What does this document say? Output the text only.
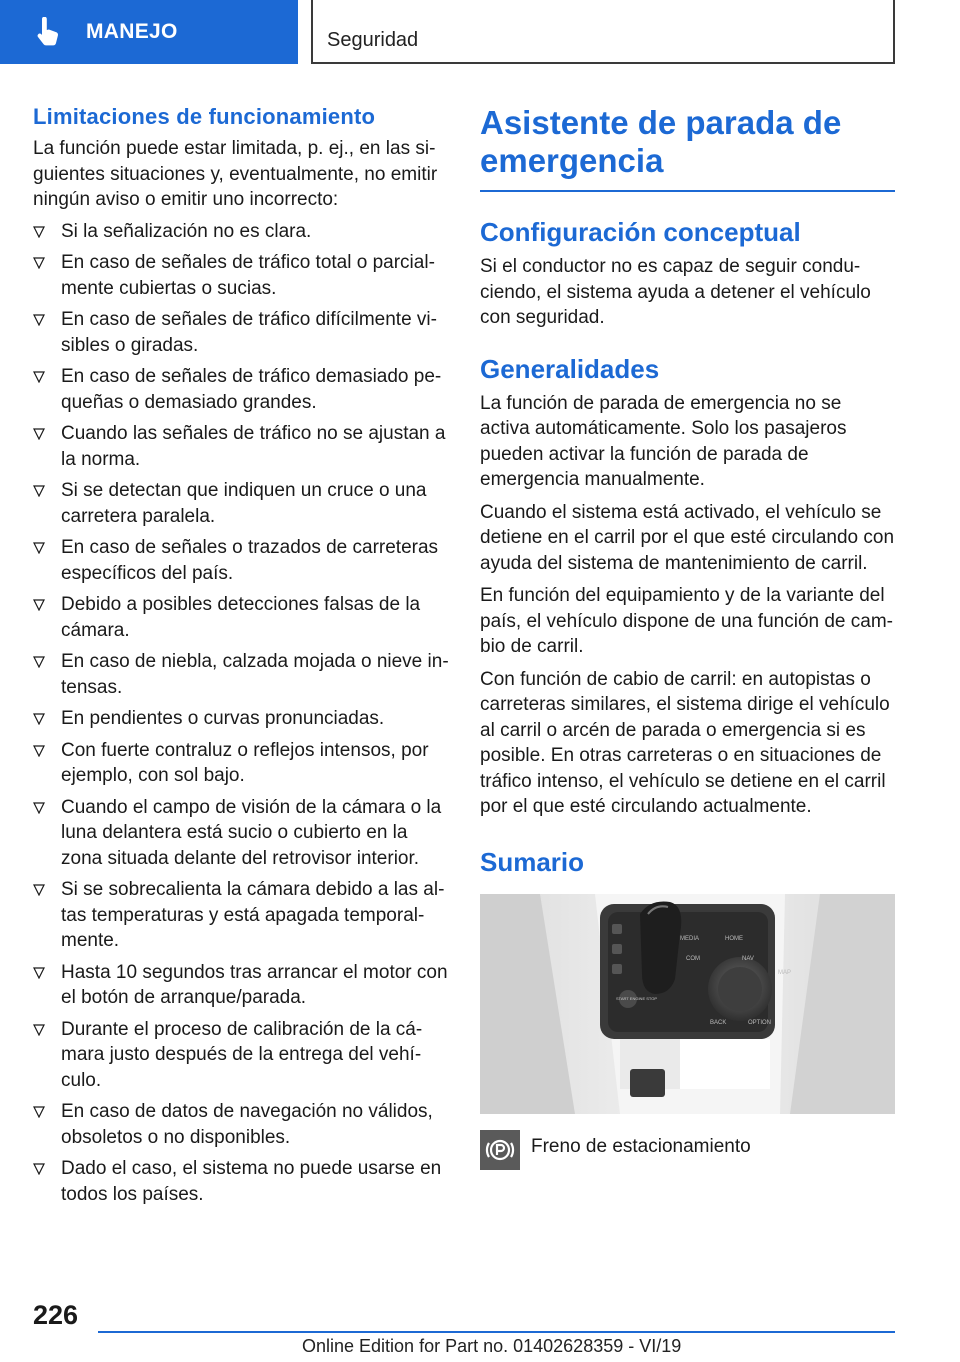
MANEJO	Seguridad
Limitaciones de funcionamiento

La función puede estar limitada, p. ej., en las siguientes situaciones y, eventualmente, no emitir ningún aviso o emitir uno incorrecto:

Si la señalización no es clara.
En caso de señales de tráfico total o parcialmente cubiertas o sucias.
En caso de señales de tráfico difícilmente visibles o giradas.
En caso de señales de tráfico demasiado pequeñas o demasiado grandes.
Cuando las señales de tráfico no se ajustan a la norma.
Si se detectan que indiquen un cruce o una carretera paralela.
En caso de señales o trazados de carreteras específicos del país.
Debido a posibles detecciones falsas de la cámara.
En caso de niebla, calzada mojada o nieve intensas.
En pendientes o curvas pronunciadas.
Con fuerte contraluz o reflejos intensos, por ejemplo, con sol bajo.
Cuando el campo de visión de la cámara o la luna delantera está sucio o cubierto en la zona situada delante del retrovisor interior.
Si se sobrecalienta la cámara debido a las altas temperaturas y está apagada temporalmente.
Hasta 10 segundos tras arrancar el motor con el botón de arranque/parada.
Durante el proceso de calibración de la cámara justo después de la entrega del vehículo.
En caso de datos de navegación no válidos, obsoletos o no disponibles.
Dado el caso, el sistema no puede usarse en todos los países.
Asistente de parada de emergencia
Configuración conceptual

Si el conductor no es capaz de seguir conduciendo, el sistema ayuda a detener el vehículo con seguridad.

Generalidades

La función de parada de emergencia no se activa automáticamente. Solo los pasajeros pueden activar la función de parada de emergencia manualmente.

Cuando el sistema está activado, el vehículo se detiene en el carril por el que esté circulando con ayuda del sistema de mantenimiento de carril.

En función del equipamiento y de la variante del país, el vehículo dispone de una función de cambio de carril.

Con función de cabio de carril: en autopistas o carreteras similares, el sistema dirige el vehículo al carril o arcén de parada o emergencia si es posible. En otras carreteras o en situaciones de tráfico intenso, el vehículo se detiene en el carril por el que esté circulando actualmente.

Sumario
MEDIA	HOME
COM	NAV
MAP
BACK	OPTION
START ENGINE STOP
Freno de estacionamiento
226
Online Edition for Part no. 01402628359 - VI/19
